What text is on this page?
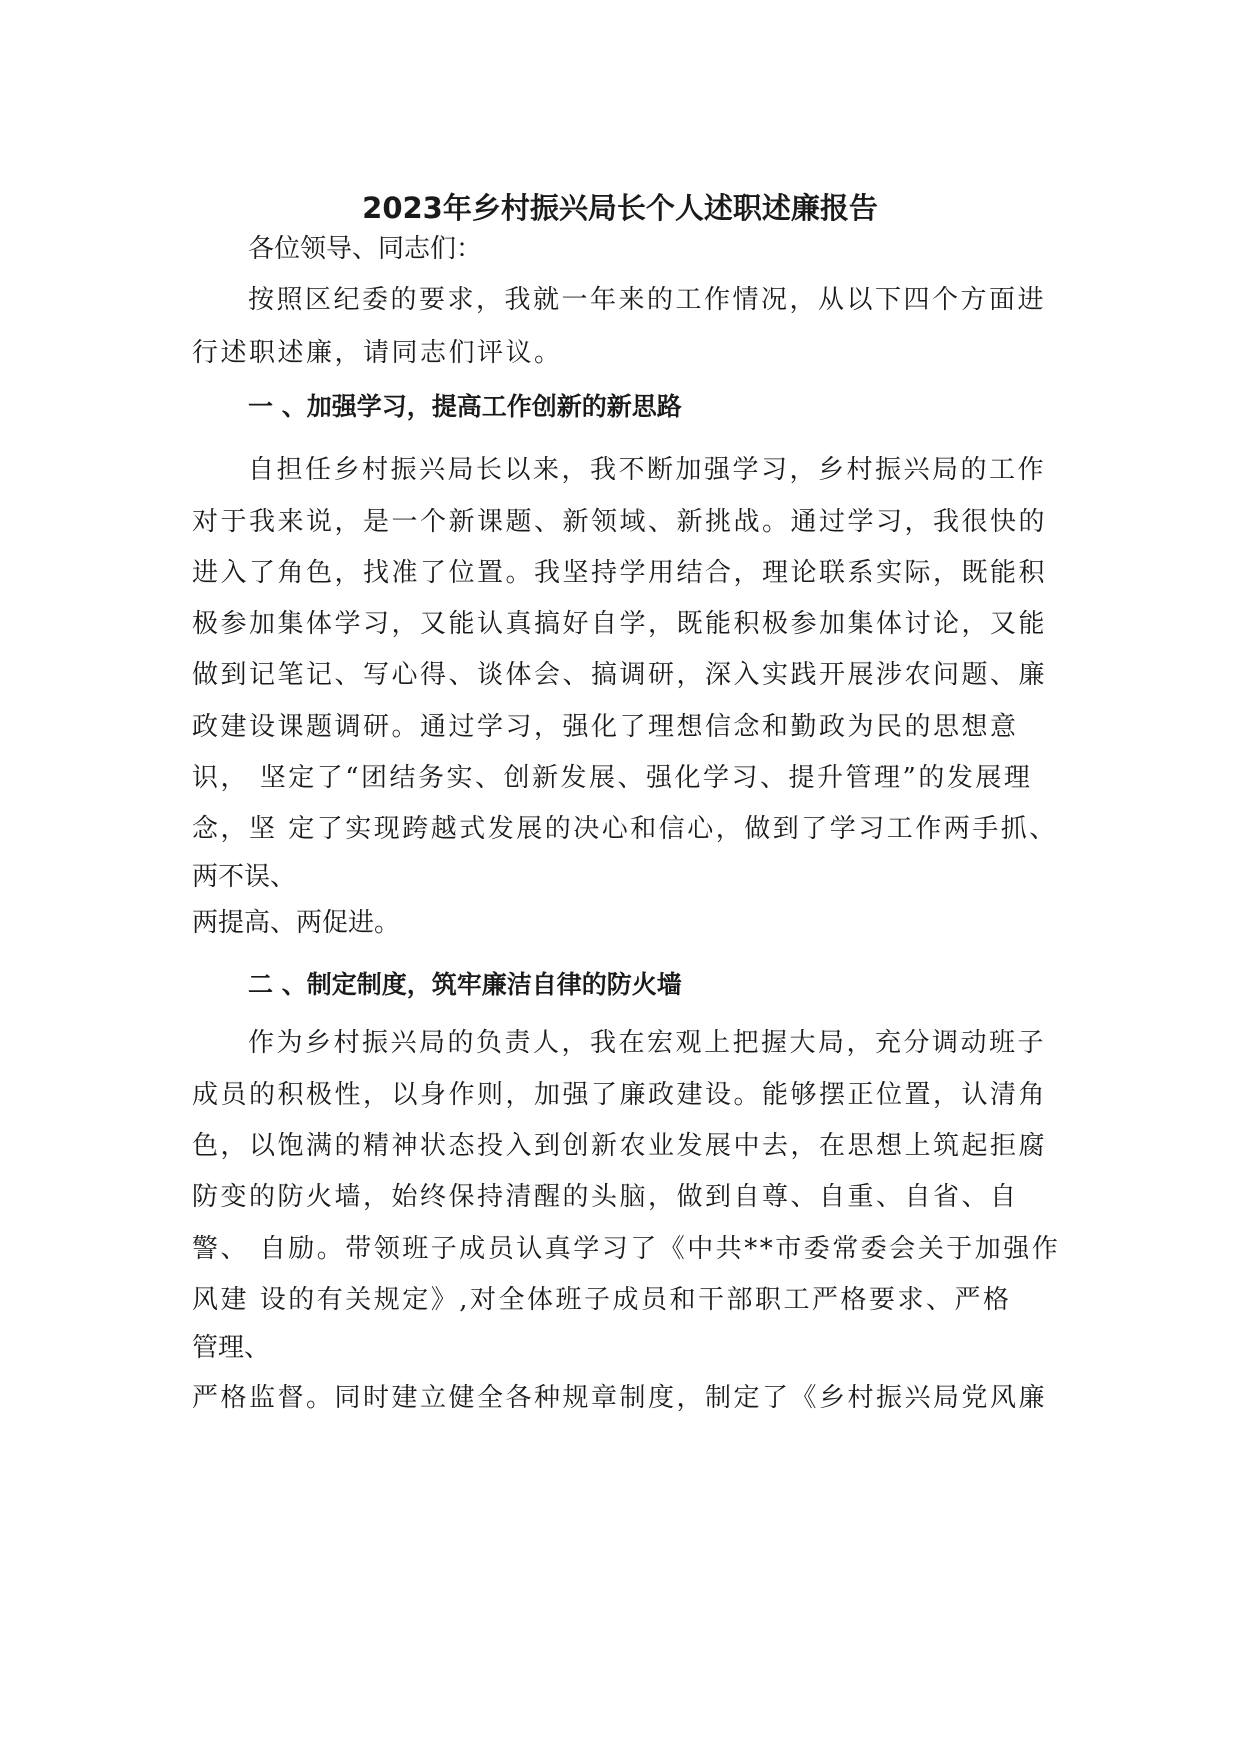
2023年乡村振兴局长个人述职述廉报告
各位领导、同志们：
按照区纪委的要求，我就一年来的工作情况，从以下四个方面进
行述职述廉，请同志们评议。
一 、加强学习，提高工作创新的新思路
自担任乡村振兴局长以来，我不断加强学习，乡村振兴局的工作
对于我来说，是一个新课题、新领域、新挑战。通过学习，我很快的
进入了角色，找准了位置。我坚持学用结合，理论联系实际，既能积
极参加集体学习，又能认真搞好自学，既能积极参加集体讨论，又能
做到记笔记、写心得、谈体会、搞调研，深入实践开展涉农问题、廉
政建设课题调研。通过学习，强化了理想信念和勤政为民的思想意
识， 坚定了“团结务实、创新发展、强化学习、提升管理”的发展理
念，坚 定了实现跨越式发展的决心和信心，做到了学习工作两手抓、
两不误、
两提高、两促进。
二 、制定制度，筑牢廉洁自律的防火墙
作为乡村振兴局的负责人，我在宏观上把握大局，充分调动班子
成员的积极性，以身作则，加强了廉政建设。能够摆正位置，认清角
色，以饱满的精神状态投入到创新农业发展中去，在思想上筑起拒腐
防变的防火墙，始终保持清醒的头脑，做到自尊、自重、自省、自
警、 自励。带领班子成员认真学习了《中共**市委常委会关于加强作
风建 设的有关规定》,对全体班子成员和干部职工严格要求、严格
管理、
严格监督。同时建立健全各种规章制度，制定了《乡村振兴局党风廉
